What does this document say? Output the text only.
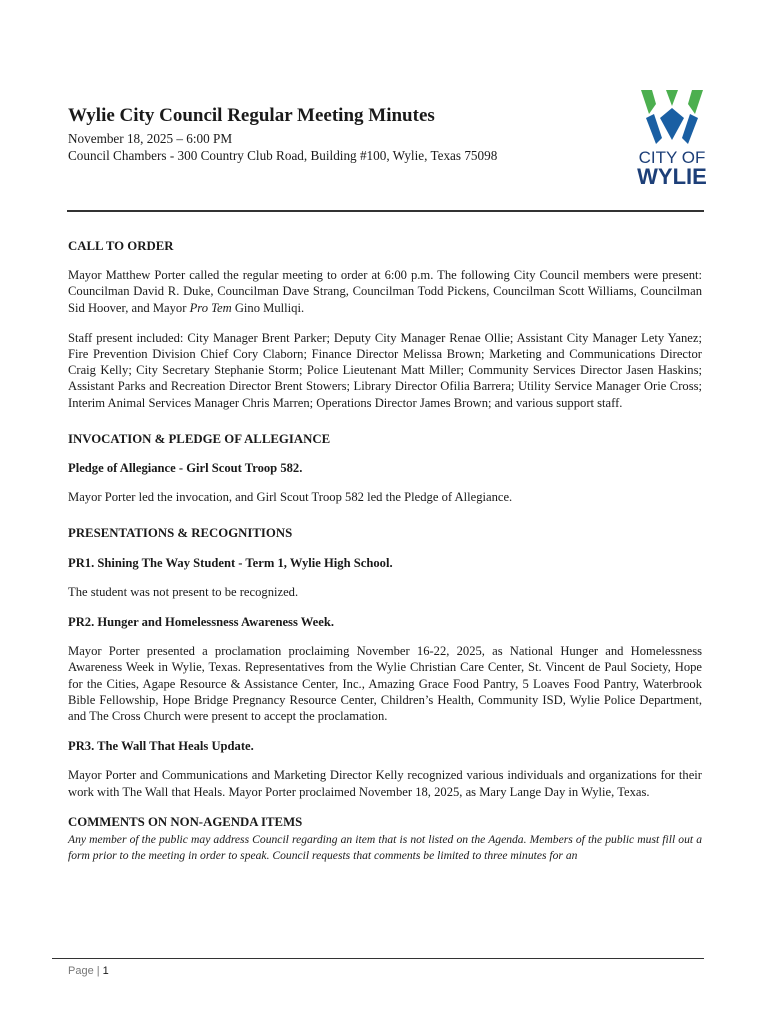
Wylie City Council Regular Meeting Minutes
November 18, 2025 – 6:00 PM
Council Chambers - 300 Country Club Road, Building #100, Wylie, Texas 75098	CITY OF
WYLIE
CALL TO ORDER

Mayor Matthew Porter called the regular meeting to order at 6:00 p.m. The following City Council members were present: Councilman David R. Duke, Councilman Dave Strang, Councilman Todd Pickens, Councilman Scott Williams, Councilman Sid Hoover, and Mayor Pro Tem Gino Mulliqi.

Staff present included: City Manager Brent Parker; Deputy City Manager Renae Ollie; Assistant City Manager Lety Yanez; Fire Prevention Division Chief Cory Claborn; Finance Director Melissa Brown; Marketing and Communications Director Craig Kelly; City Secretary Stephanie Storm; Police Lieutenant Matt Miller; Community Services Director Jasen Haskins; Assistant Parks and Recreation Director Brent Stowers; Library Director Ofilia Barrera; Utility Service Manager Orie Cross; Interim Animal Services Manager Chris Marren; Operations Director James Brown; and various support staff.

INVOCATION & PLEDGE OF ALLEGIANCE
Pledge of Allegiance - Girl Scout Troop 582.

Mayor Porter led the invocation, and Girl Scout Troop 582 led the Pledge of Allegiance.

PRESENTATIONS & RECOGNITIONS
PR1. Shining The Way Student - Term 1, Wylie High School.

The student was not present to be recognized.

PR2. Hunger and Homelessness Awareness Week.

Mayor Porter presented a proclamation proclaiming November 16-22, 2025, as National Hunger and Homelessness Awareness Week in Wylie, Texas. Representatives from the Wylie Christian Care Center, St. Vincent de Paul Society, Hope for the Cities, Agape Resource & Assistance Center, Inc., Amazing Grace Food Pantry, 5 Loaves Food Pantry, Waterbrook Bible Fellowship, Hope Bridge Pregnancy Resource Center, Children’s Health, Community ISD, Wylie Police Department, and The Cross Church were present to accept the proclamation.

PR3. The Wall That Heals Update.

Mayor Porter and Communications and Marketing Director Kelly recognized various individuals and organizations for their work with The Wall that Heals. Mayor Porter proclaimed November 18, 2025, as Mary Lange Day in Wylie, Texas.

COMMENTS ON NON-AGENDA ITEMS

Any member of the public may address Council regarding an item that is not listed on the Agenda. Members of the public must fill out a form prior to the meeting in order to speak. Council requests that comments be limited to three minutes for an

Page | 1
